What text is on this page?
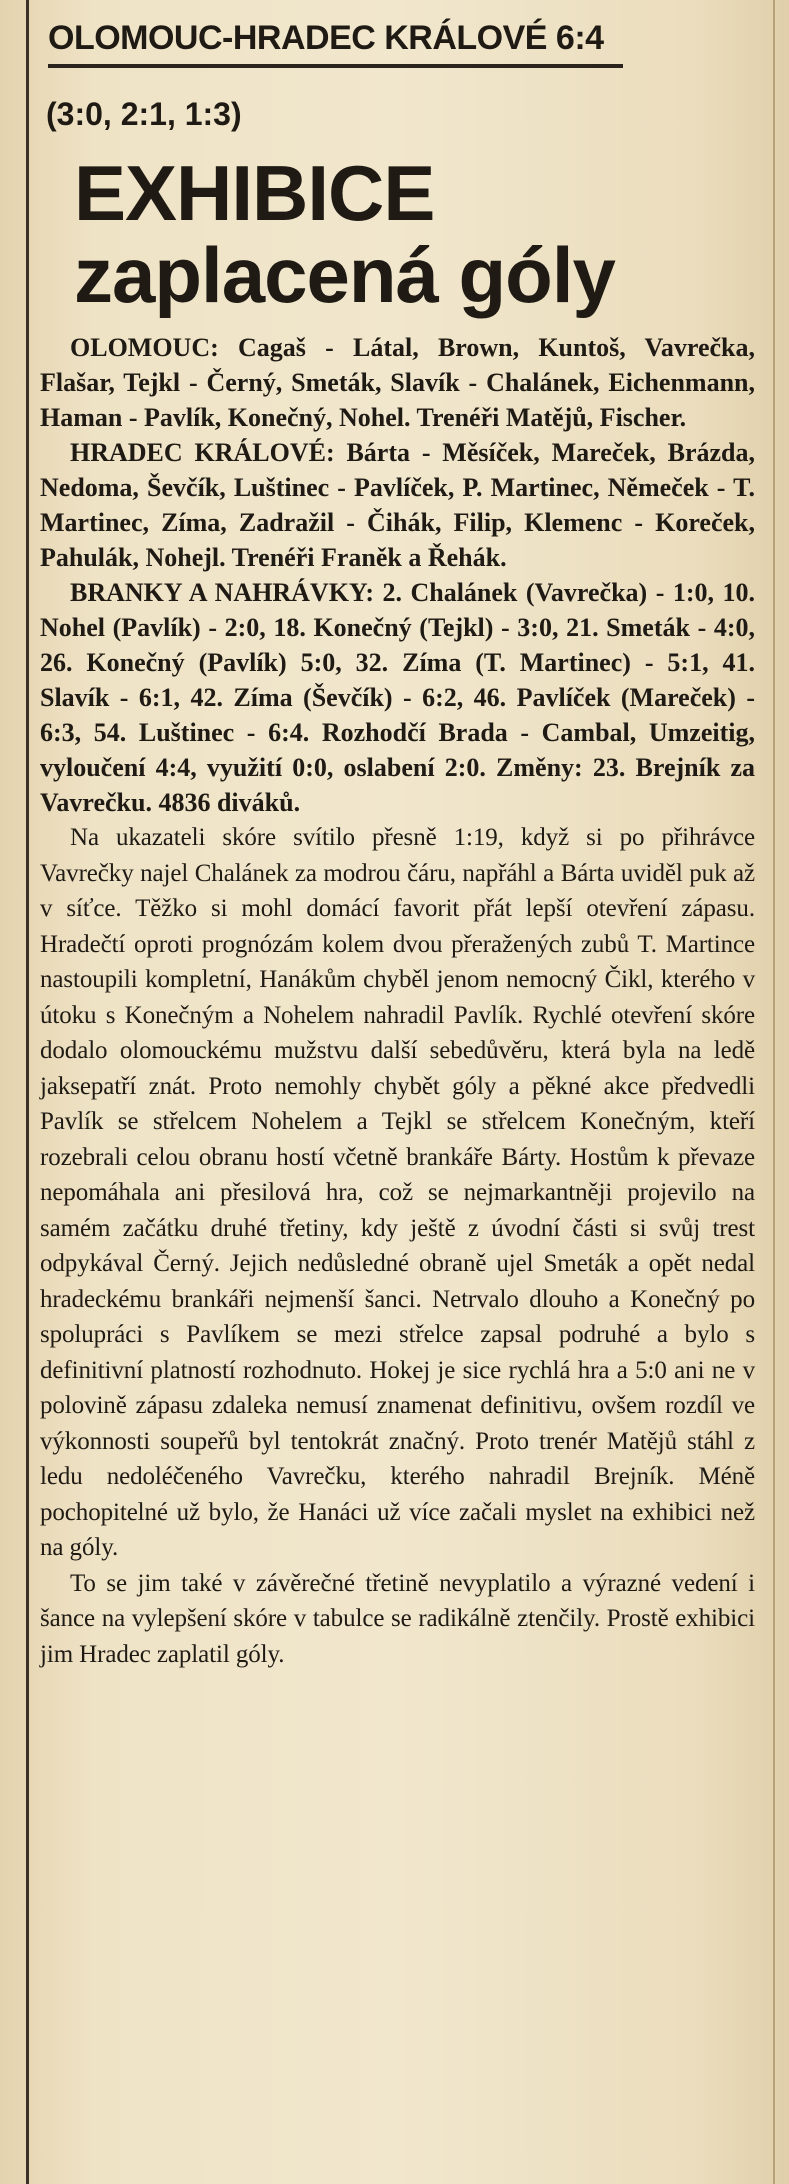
OLOMOUC-HRADEC KRÁLOVÉ 6:4
(3:0, 2:1, 1:3)
EXHIBICE
zaplacená góly

OLOMOUC: Cagaš - Látal, Brown, Kuntoš, Vavrečka, Flašar, Tejkl - Černý, Smeták, Slavík - Chalánek, Eichenmann, Haman - Pavlík, Konečný, Nohel. Trenéři Matějů, Fischer.

HRADEC KRÁLOVÉ: Bárta - Měsíček, Mareček, Brázda, Nedoma, Ševčík, Luštinec - Pavlíček, P. Martinec, Němeček - T. Martinec, Zíma, Zadražil - Čihák, Filip, Klemenc - Koreček, Pahulák, Nohejl. Trenéři Franěk a Řehák.

BRANKY A NAHRÁVKY: 2. Chalánek (Vavrečka) - 1:0, 10. Nohel (Pavlík) - 2:0, 18. Konečný (Tejkl) - 3:0, 21. Smeták - 4:0, 26. Konečný (Pavlík) 5:0, 32. Zíma (T. Martinec) - 5:1, 41. Slavík - 6:1, 42. Zíma (Ševčík) - 6:2, 46. Pavlíček (Mareček) - 6:3, 54. Luštinec - 6:4. Rozhodčí Brada - Cambal, Umzeitig, vyloučení 4:4, využití 0:0, oslabení 2:0. Změny: 23. Brejník za Vavrečku. 4836 diváků.

Na ukazateli skóre svítilo přesně 1:19, když si po přihrávce Vavrečky najel Chalánek za modrou čáru, napřáhl a Bárta uviděl puk až v síťce. Těžko si mohl domácí favorit přát lepší otevření zápasu. Hradečtí oproti prognózám kolem dvou přeražených zubů T. Martince nastoupili kompletní, Hanákům chyběl jenom nemocný Čikl, kterého v útoku s Konečným a Nohelem nahradil Pavlík. Rychlé otevření skóre dodalo olomouckému mužstvu další sebedůvěru, která byla na ledě jaksepatří znát. Proto nemohly chybět góly a pěkné akce předvedli Pavlík se střelcem Nohelem a Tejkl se střelcem Konečným, kteří rozebrali celou obranu hostí včetně brankáře Bárty. Hostům k převaze nepomáhala ani přesilová hra, což se nejmarkantněji projevilo na samém začátku druhé třetiny, kdy ještě z úvodní části si svůj trest odpykával Černý. Jejich nedůsledné obraně ujel Smeták a opět nedal hradeckému brankáři nejmenší šanci. Netrvalo dlouho a Konečný po spolupráci s Pavlíkem se mezi střelce zapsal podruhé a bylo s definitivní platností rozhodnuto. Hokej je sice rychlá hra a 5:0 ani ne v polovině zápasu zdaleka nemusí znamenat definitivu, ovšem rozdíl ve výkonnosti soupeřů byl tentokrát značný. Proto trenér Matějů stáhl z ledu nedoléčeného Vavrečku, kterého nahradil Brejník. Méně pochopitelné už bylo, že Hanáci už více začali myslet na exhibici než na góly.

To se jim také v závěrečné třetině nevyplatilo a výrazné vedení i šance na vylepšení skóre v tabulce se radikálně ztenčily. Prostě exhibici jim Hradec zaplatil góly.
